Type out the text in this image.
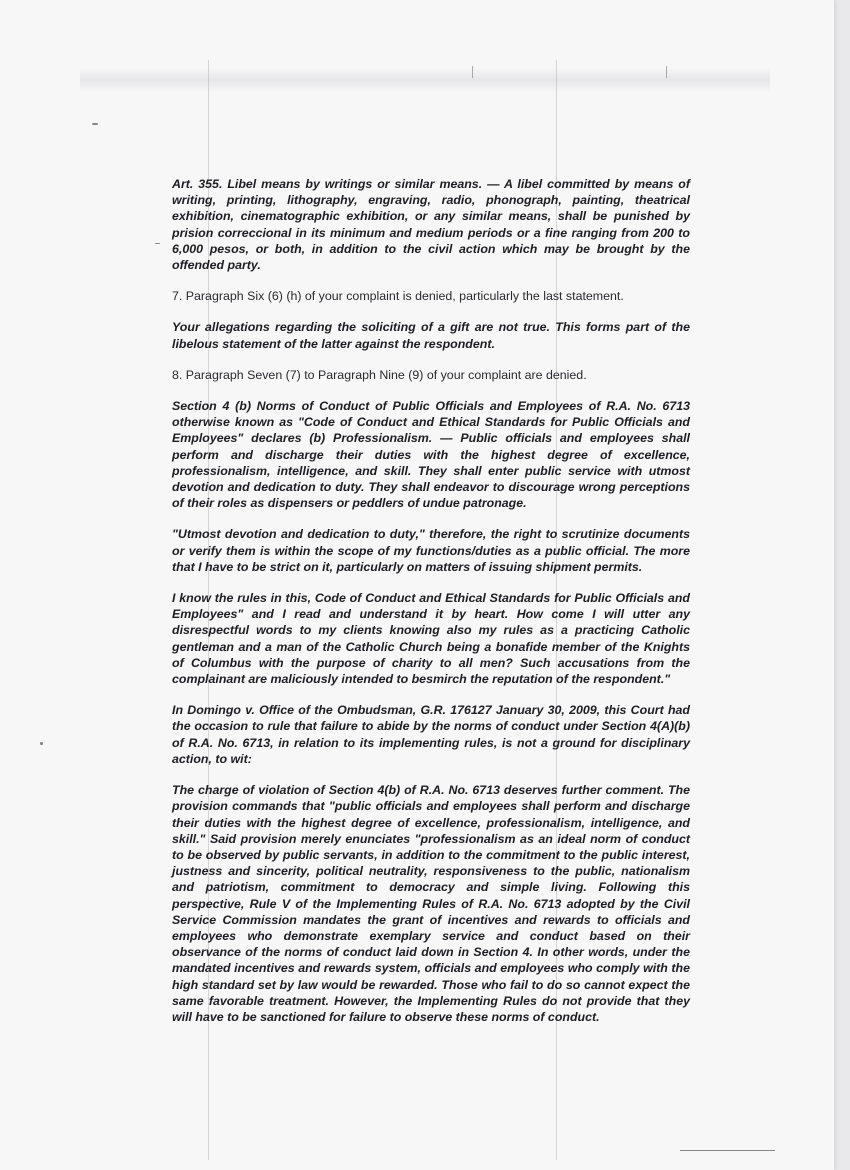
Art. 355. Libel means by writings or similar means. — A libel committed by means of writing, printing, lithography, engraving, radio, phonograph, painting, theatrical exhibition, cinematographic exhibition, or any similar means, shall be punished by prision correccional in its minimum and medium periods or a fine ranging from 200 to 6,000 pesos, or both, in addition to the civil action which may be brought by the offended party.

7. Paragraph Six (6) (h) of your complaint is denied, particularly the last statement.

Your allegations regarding the soliciting of a gift are not true. This forms part of the libelous statement of the latter against the respondent.

8. Paragraph Seven (7) to Paragraph Nine (9) of your complaint are denied.

Section 4 (b) Norms of Conduct of Public Officials and Employees of R.A. No. 6713 otherwise known as "Code of Conduct and Ethical Standards for Public Officials and Employees" declares (b) Professionalism. — Public officials and employees shall perform and discharge their duties with the highest degree of excellence, professionalism, intelligence, and skill. They shall enter public service with utmost devotion and dedication to duty. They shall endeavor to discourage wrong perceptions of their roles as dispensers or peddlers of undue patronage.

"Utmost devotion and dedication to duty," therefore, the right to scrutinize documents or verify them is within the scope of my functions/duties as a public official. The more that I have to be strict on it, particularly on matters of issuing shipment permits.

I know the rules in this, Code of Conduct and Ethical Standards for Public Officials and Employees" and I read and understand it by heart. How come I will utter any disrespectful words to my clients knowing also my rules as a practicing Catholic gentleman and a man of the Catholic Church being a bonafide member of the Knights of Columbus with the purpose of charity to all men? Such accusations from the complainant are maliciously intended to besmirch the reputation of the respondent."

In Domingo v. Office of the Ombudsman, G.R. 176127 January 30, 2009, this Court had the occasion to rule that failure to abide by the norms of conduct under Section 4(A)(b) of R.A. No. 6713, in relation to its implementing rules, is not a ground for disciplinary action, to wit:

The charge of violation of Section 4(b) of R.A. No. 6713 deserves further comment. The provision commands that "public officials and employees shall perform and discharge their duties with the highest degree of excellence, professionalism, intelligence, and skill." Said provision merely enunciates "professionalism as an ideal norm of conduct to be observed by public servants, in addition to the commitment to the public interest, justness and sincerity, political neutrality, responsiveness to the public, nationalism and patriotism, commitment to democracy and simple living. Following this perspective, Rule V of the Implementing Rules of R.A. No. 6713 adopted by the Civil Service Commission mandates the grant of incentives and rewards to officials and employees who demonstrate exemplary service and conduct based on their observance of the norms of conduct laid down in Section 4. In other words, under the mandated incentives and rewards system, officials and employees who comply with the high standard set by law would be rewarded. Those who fail to do so cannot expect the same favorable treatment. However, the Implementing Rules do not provide that they will have to be sanctioned for failure to observe these norms of conduct.
